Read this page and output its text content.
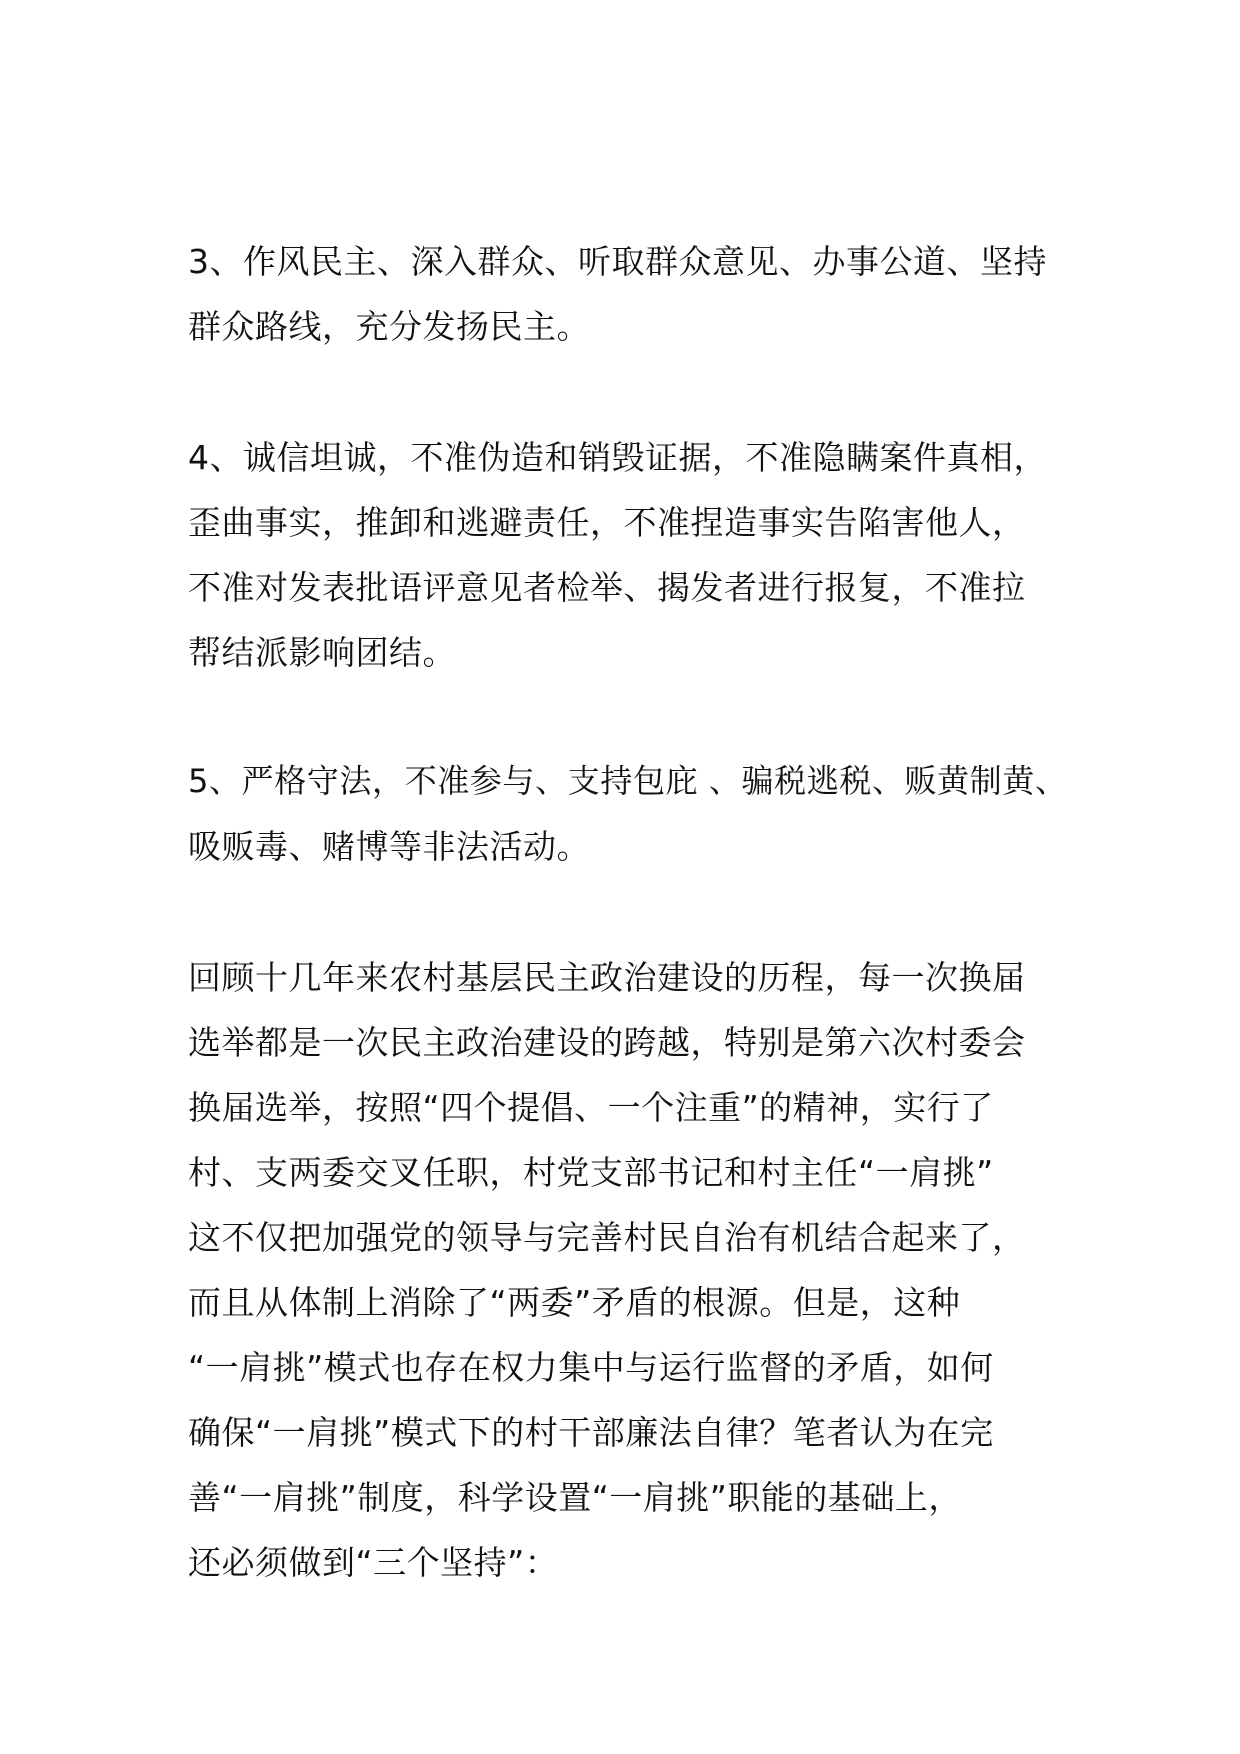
3、作风民主、深入群众、听取群众意见、办事公道、坚持
群众路线，充分发扬民主。

4、诚信坦诚，不准伪造和销毁证据，不准隐瞒案件真相，
歪曲事实，推卸和逃避责任，不准捏造事实告陷害他人，
不准对发表批语评意见者检举、揭发者进行报复，不准拉
帮结派影响团结。

5、严格守法，不准参与、支持包庇 、骗税逃税、贩黄制黄、
吸贩毒、赌博等非法活动。

回顾十几年来农村基层民主政治建设的历程，每一次换届
选举都是一次民主政治建设的跨越，特别是第六次村委会
换届选举，按照“四个提倡、一个注重”的精神，实行了
村、支两委交叉任职，村党支部书记和村主任“一肩挑”
这不仅把加强党的领导与完善村民自治有机结合起来了，
而且从体制上消除了“两委”矛盾的根源。但是，这种
“一肩挑”模式也存在权力集中与运行监督的矛盾，如何
确保“一肩挑”模式下的村干部廉法自律？笔者认为在完
善“一肩挑”制度，科学设置“一肩挑”职能的基础上，
还必须做到“三个坚持”：
